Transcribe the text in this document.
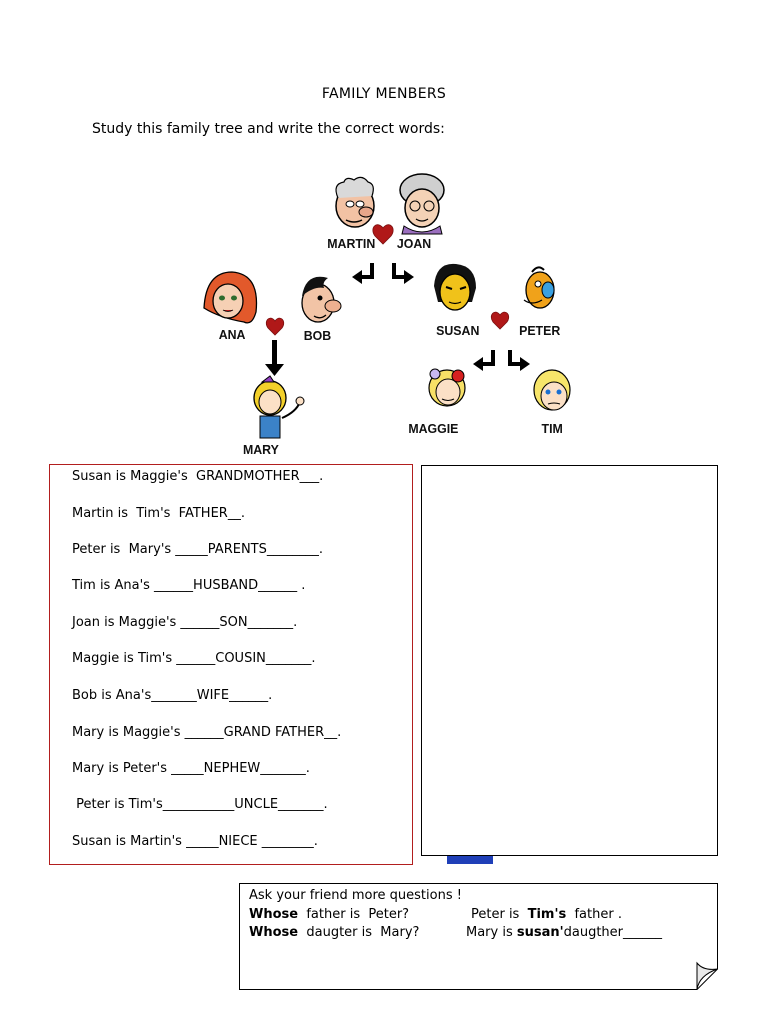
FAMILY MENBERS
Study this family tree and write the correct words:
MARTIN JOAN
ANA	BOB	SUSAN	PETER
MARY
MAGGIE	TIM
Susan is Maggie's  GRANDMOTHER___.
Martin is  Tim's  FATHER__.
Peter is  Mary's _____PARENTS________.
Tim is Ana's ______HUSBAND______ .
Joan is Maggie's ______SON_______.
Maggie is Tim's ______COUSIN_______.
Bob is Ana's_______WIFE______.
Mary is Maggie's ______GRAND FATHER__.
Mary is Peter's _____NEPHEW_______.
Peter is Tim's___________UNCLE_______.
Susan is Martin's _____NIECE ________.
Ask your friend more questions !
Whose  father is  Peter?	Peter is  Tim's  father .
Whose  daugter is  Mary?	Mary is susan'daugther______
